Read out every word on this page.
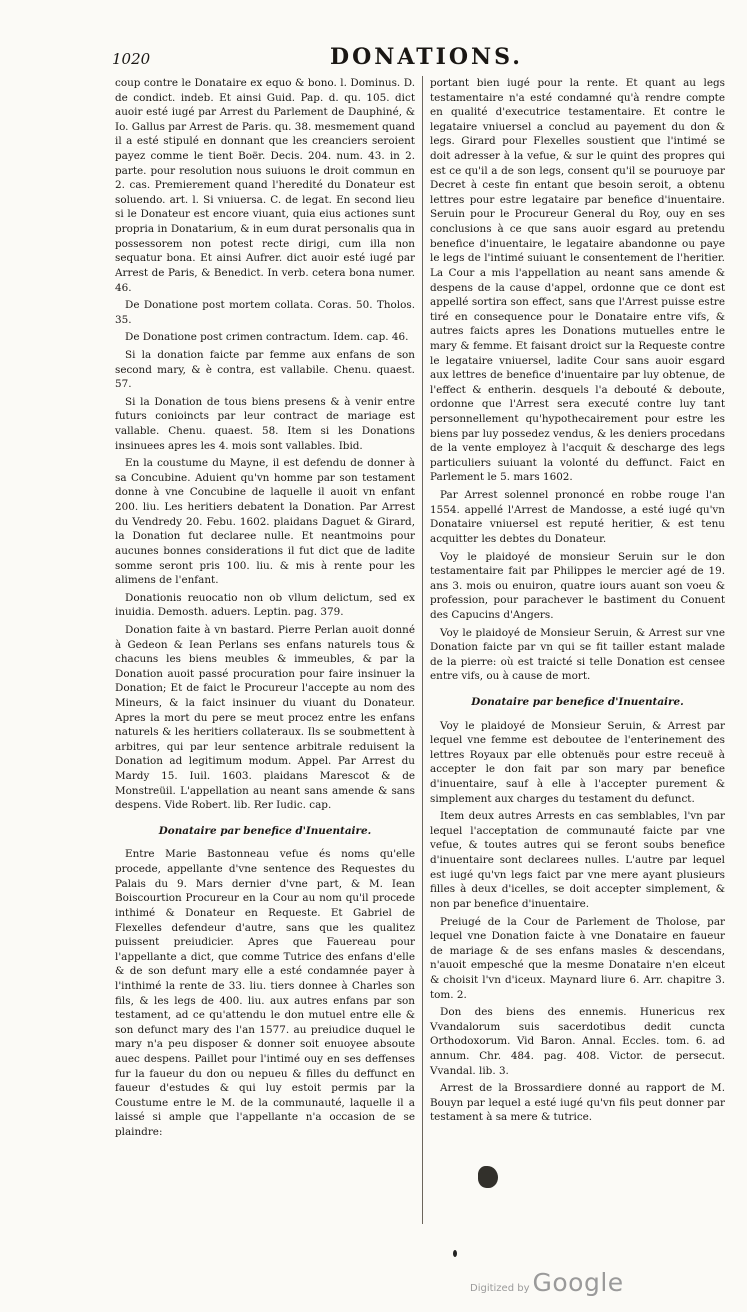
1020	DONATIONS.

coup contre le Donataire ex equo & bono. l. Dominus. D. de condict. indeb. Et ainsi Guid. Pap. d. qu. 105. dict auoir esté iugé par Arrest du Parlement de Dauphiné, & Io. Gallus par Arrest de Paris. qu. 38. mesmement quand il a esté stipulé en donnant que les creanciers seroient payez comme le tient Boër. Decis. 204. num. 43. in 2. parte. pour resolution nous suiuons le droit commun en 2. cas. Premierement quand l'heredité du Donateur est soluendo. art. l. Si vniuersa. C. de legat. En second lieu si le Donateur est encore viuant, quia eius actiones sunt propria in Donatarium, & in eum durat personalis qua in possessorem non potest recte dirigi, cum illa non sequatur bona. Et ainsi Aufrer. dict auoir esté iugé par Arrest de Paris, & Benedict. In verb. cetera bona numer. 46.

De Donatione post mortem collata. Coras. 50. Tholos. 35.

De Donatione post crimen contractum. Idem. cap. 46.

Si la donation faicte par femme aux enfans de son second mary, & è contra, est vallabile. Chenu. quaest. 57.

Si la Donation de tous biens presens & à venir entre futurs conioincts par leur contract de mariage est vallable. Chenu. quaest. 58. Item si les Donations insinuees apres les 4. mois sont vallables. Ibid.

En la coustume du Mayne, il est defendu de donner à sa Concubine. Aduient qu'vn homme par son testament donne à vne Concubine de laquelle il auoit vn enfant 200. liu. Les heritiers debatent la Donation. Par Arrest du Vendredy 20. Febu. 1602. plaidans Daguet & Girard, la Donation fut declaree nulle. Et neantmoins pour aucunes bonnes considerations il fut dict que de ladite somme seront pris 100. liu. & mis à rente pour les alimens de l'enfant.

Donationis reuocatio non ob vllum delictum, sed ex inuidia. Demosth. aduers. Leptin. pag. 379.

Donation faite à vn bastard. Pierre Perlan auoit donné à Gedeon & Iean Perlans ses enfans naturels tous & chacuns les biens meubles & immeubles, & par la Donation auoit passé procuration pour faire insinuer la Donation; Et de faict le Procureur l'accepte au nom des Mineurs, & la faict insinuer du viuant du Donateur. Apres la mort du pere se meut procez entre les enfans naturels & les heritiers collateraux. Ils se soubmettent à arbitres, qui par leur sentence arbitrale reduisent la Donation ad legitimum modum. Appel. Par Arrest du Mardy 15. Iuil. 1603. plaidans Marescot & de Monstreüil. L'appellation au neant sans amende & sans despens. Vide Robert. lib. Rer Iudic. cap.

Donataire par benefice d'Inuentaire.

Entre Marie Bastonneau vefue és noms qu'elle procede, appellante d'vne sentence des Requestes du Palais du 9. Mars dernier d'vne part, & M. Iean Boiscourtion Procureur en la Cour au nom qu'il procede inthimé & Donateur en Requeste. Et Gabriel de Flexelles defendeur d'autre, sans que les qualitez puissent preiudicier. Apres que Fauereau pour l'appellante a dict, que comme Tutrice des enfans d'elle & de son defunt mary elle a esté condamnée payer à l'inthimé la rente de 33. liu. tiers donnee à Charles son fils, & les legs de 400. liu. aux autres enfans par son testament, ad ce qu'attendu le don mutuel entre elle & son defunct mary des l'an 1577. au preiudice duquel le mary n'a peu disposer & donner soit enuoyee absoute auec despens. Paillet pour l'intimé ouy en ses deffenses fur la faueur du don ou nepueu & filles du deffunct en faueur d'estudes & qui luy estoit permis par la Coustume entre le M. de la communauté, laquelle il a laissé si ample que l'appellante n'a occasion de se plaindre:

portant bien iugé pour la rente. Et quant au legs testamentaire n'a esté condamné qu'à rendre compte en qualité d'executrice testamentaire. Et contre le legataire vniuersel a conclud au payement du don & legs. Girard pour Flexelles soustient que l'intimé se doit adresser à la vefue, & sur le quint des propres qui est ce qu'il a de son legs, consent qu'il se pouruoye par Decret à ceste fin entant que besoin seroit, a obtenu lettres pour estre legataire par benefice d'inuentaire. Seruin pour le Procureur General du Roy, ouy en ses conclusions à ce que sans auoir esgard au pretendu benefice d'inuentaire, le legataire abandonne ou paye le legs de l'intimé suiuant le consentement de l'heritier. La Cour a mis l'appellation au neant sans amende & despens de la cause d'appel, ordonne que ce dont est appellé sortira son effect, sans que l'Arrest puisse estre tiré en consequence pour le Donataire entre vifs, & autres faicts apres les Donations mutuelles entre le mary & femme. Et faisant droict sur la Requeste contre le legataire vniuersel, ladite Cour sans auoir esgard aux lettres de benefice d'inuentaire par luy obtenue, de l'effect & entherin. desquels l'a debouté & deboute, ordonne que l'Arrest sera executé contre luy tant personnellement qu'hypothecairement pour estre les biens par luy possedez vendus, & les deniers procedans de la vente employez à l'acquit & descharge des legs particuliers suiuant la volonté du deffunct. Faict en Parlement le 5. mars 1602.

Par Arrest solennel prononcé en robbe rouge l'an 1554. appellé l'Arrest de Mandosse, a esté iugé qu'vn Donataire vniuersel est reputé heritier, & est tenu acquitter les debtes du Donateur.

Voy le plaidoyé de monsieur Seruin sur le don testamentaire fait par Philippes le mercier agé de 19. ans 3. mois ou enuiron, quatre iours auant son voeu & profession, pour parachever le bastiment du Conuent des Capucins d'Angers.

Voy le plaidoyé de Monsieur Seruin, & Arrest sur vne Donation faicte par vn qui se fit tailler estant malade de la pierre: où est traicté si telle Donation est censee entre vifs, ou à cause de mort.

Donataire par benefice d'Inuentaire.

Voy le plaidoyé de Monsieur Seruin, & Arrest par lequel vne femme est deboutee de l'enterinement des lettres Royaux par elle obtenuës pour estre receuë à accepter le don fait par son mary par benefice d'inuentaire, sauf à elle à l'accepter purement & simplement aux charges du testament du defunct.

Item deux autres Arrests en cas semblables, l'vn par lequel l'acceptation de communauté faicte par vne vefue, & toutes autres qui se feront soubs benefice d'inuentaire sont declarees nulles. L'autre par lequel est iugé qu'vn legs faict par vne mere ayant plusieurs filles à deux d'icelles, se doit accepter simplement, & non par benefice d'inuentaire.

Preiugé de la Cour de Parlement de Tholose, par lequel vne Donation faicte à vne Donataire en faueur de mariage & de ses enfans masles & descendans, n'auoit empesché que la mesme Donataire n'en elceut & choisit l'vn d'iceux. Maynard liure 6. Arr. chapitre 3. tom. 2.

Don des biens des ennemis. Hunericus rex Vvandalorum suis sacerdotibus dedit cuncta Orthodoxorum. Vid Baron. Annal. Eccles. tom. 6. ad annum. Chr. 484. pag. 408. Victor. de persecut. Vvandal. lib. 3.

Arrest de la Brossardiere donné au rapport de M. Bouyn par lequel a esté iugé qu'vn fils peut donner par testament à sa mere & tutrice.

Digitized by Google
